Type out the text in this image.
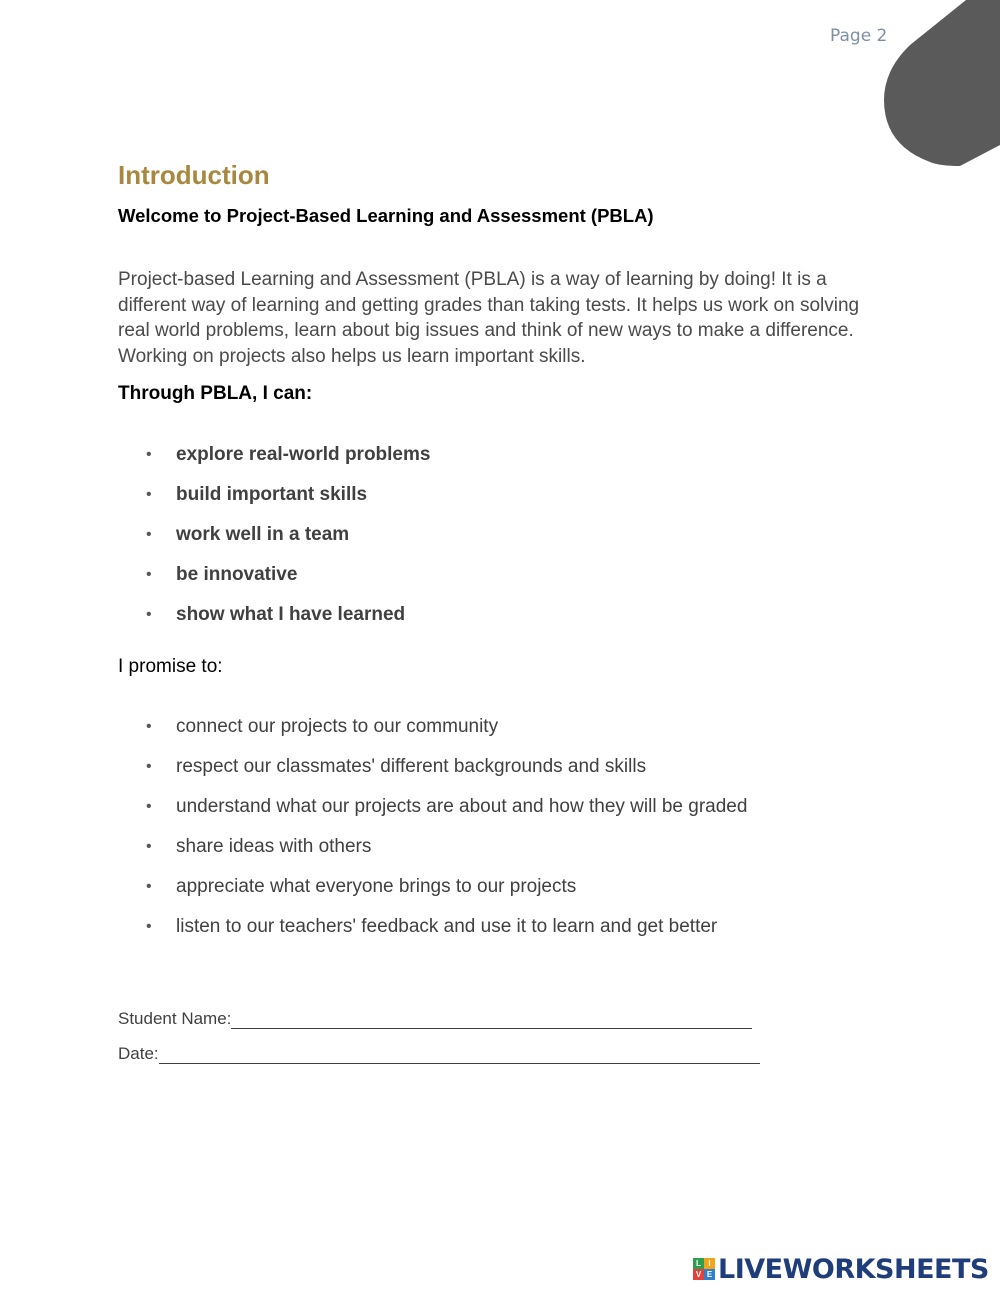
Page 2
Introduction
Welcome to Project-Based Learning and Assessment (PBLA)
Project-based Learning and Assessment (PBLA) is a way of learning by doing! It is a different way of learning and getting grades than taking tests. It helps us work on solving real world problems, learn about big issues and think of new ways to make a difference. Working on projects also helps us learn important skills.
Through PBLA, I can:
• explore real-world problems
• build important skills
• work well in a team
• be innovative
• show what I have learned
I promise to:
• connect our projects to our community
• respect our classmates' different backgrounds and skills
• understand what our projects are about and how they will be graded
• share ideas with others
• appreciate what everyone brings to our projects
• listen to our teachers' feedback and use it to learn and get better
Student Name:
Date:
L I
V E LIVEWORKSHEETS
